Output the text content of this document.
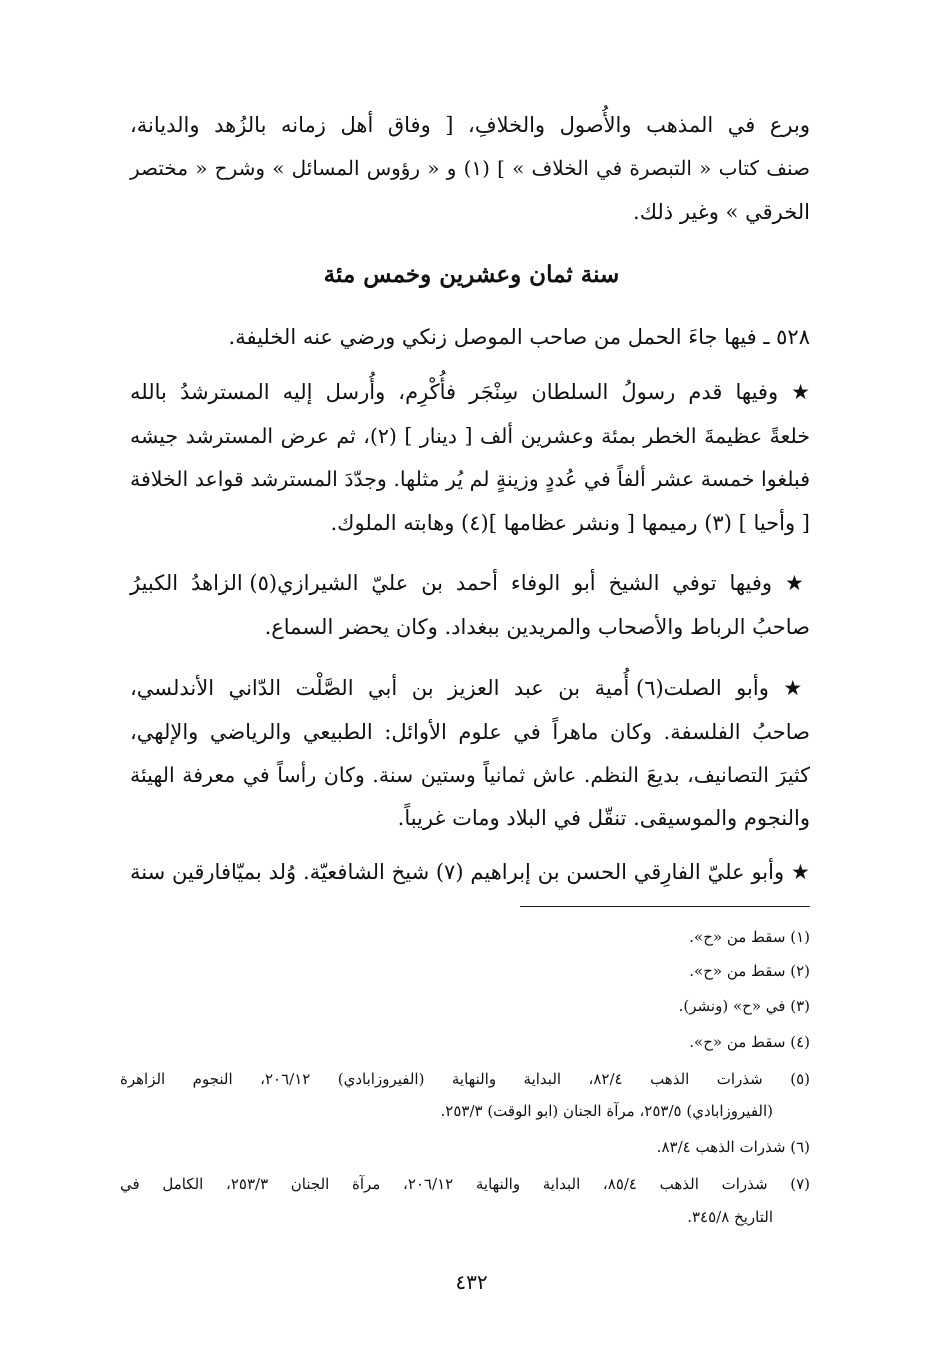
وبرع في المذهب والأُصول والخلافِ، [ وفاق أهل زمانه بالزُهد والديانة،
صنف كتاب « التبصرة في الخلاف » ] (١) و « رؤوس المسائل » وشرح « مختصر
الخرقي » وغير ذلك.
سنة ثمان وعشرين وخمس مئة
٥٢٨ ـ فيها جاءَ الحمل من صاحب الموصل زنكي ورضي عنه الخليفة.
★ وفيها قدم رسولُ السلطان سِنْجَر فأُكْرِم، وأُرسل إليه المسترشدُ بالله
خلعةً عظيمةَ الخطر بمئة وعشرين ألف [ دينار ] (٢)، ثم عرض المسترشد جيشه
فبلغوا خمسة عشر ألفاً في عُددٍ وزينةٍ لم يُر مثلها. وجدّدَ المسترشد قواعد الخلافة
[ وأحيا ] (٣) رميمها [ ونشر عظامها ](٤) وهابته الملوك.
★ وفيها توفي الشيخ أبو الوفاء أحمد بن عليّ الشيرازي(٥) الزاهدُ الكبيرُ
صاحبُ الرباط والأصحاب والمريدين ببغداد. وكان يحضر السماع.
★ وأبو الصلت(٦) أُمية بن عبد العزيز بن أبي الصَّلْت الدّاني الأندلسي،
صاحبُ الفلسفة. وكان ماهراً في علوم الأوائل: الطبيعي والرياضي والإلهي،
كثيرَ التصانيف، بديعَ النظم. عاش ثمانياً وستين سنة. وكان رأساً في معرفة الهيئة
والنجوم والموسيقى. تنقّل في البلاد ومات غريباً.
★ وأبو عليّ الفارِقي الحسن بن إبراهيم (٧) شيخ الشافعيّة. وُلد بميّافارقين سنة
(١) سقط من «ح».
(٢) سقط من «ح».
(٣) في «ح» (ونشر).
(٤) سقط من «ح».
(٥) شذرات الذهب ٨٢/٤، البداية والنهاية (الفيروزابادي) ٢٠٦/١٢، النجوم الزاهرة
(الفيروزابادي) ٢٥٣/٥، مرآة الجنان (ابو الوقت) ٢٥٣/٣.
(٦) شذرات الذهب ٨٣/٤.
(٧) شذرات الذهب ٨٥/٤، البداية والنهاية ٢٠٦/١٢، مرآة الجنان ٢٥٣/٣، الكامل في
التاريخ ٣٤٥/٨.
٤٣٢
